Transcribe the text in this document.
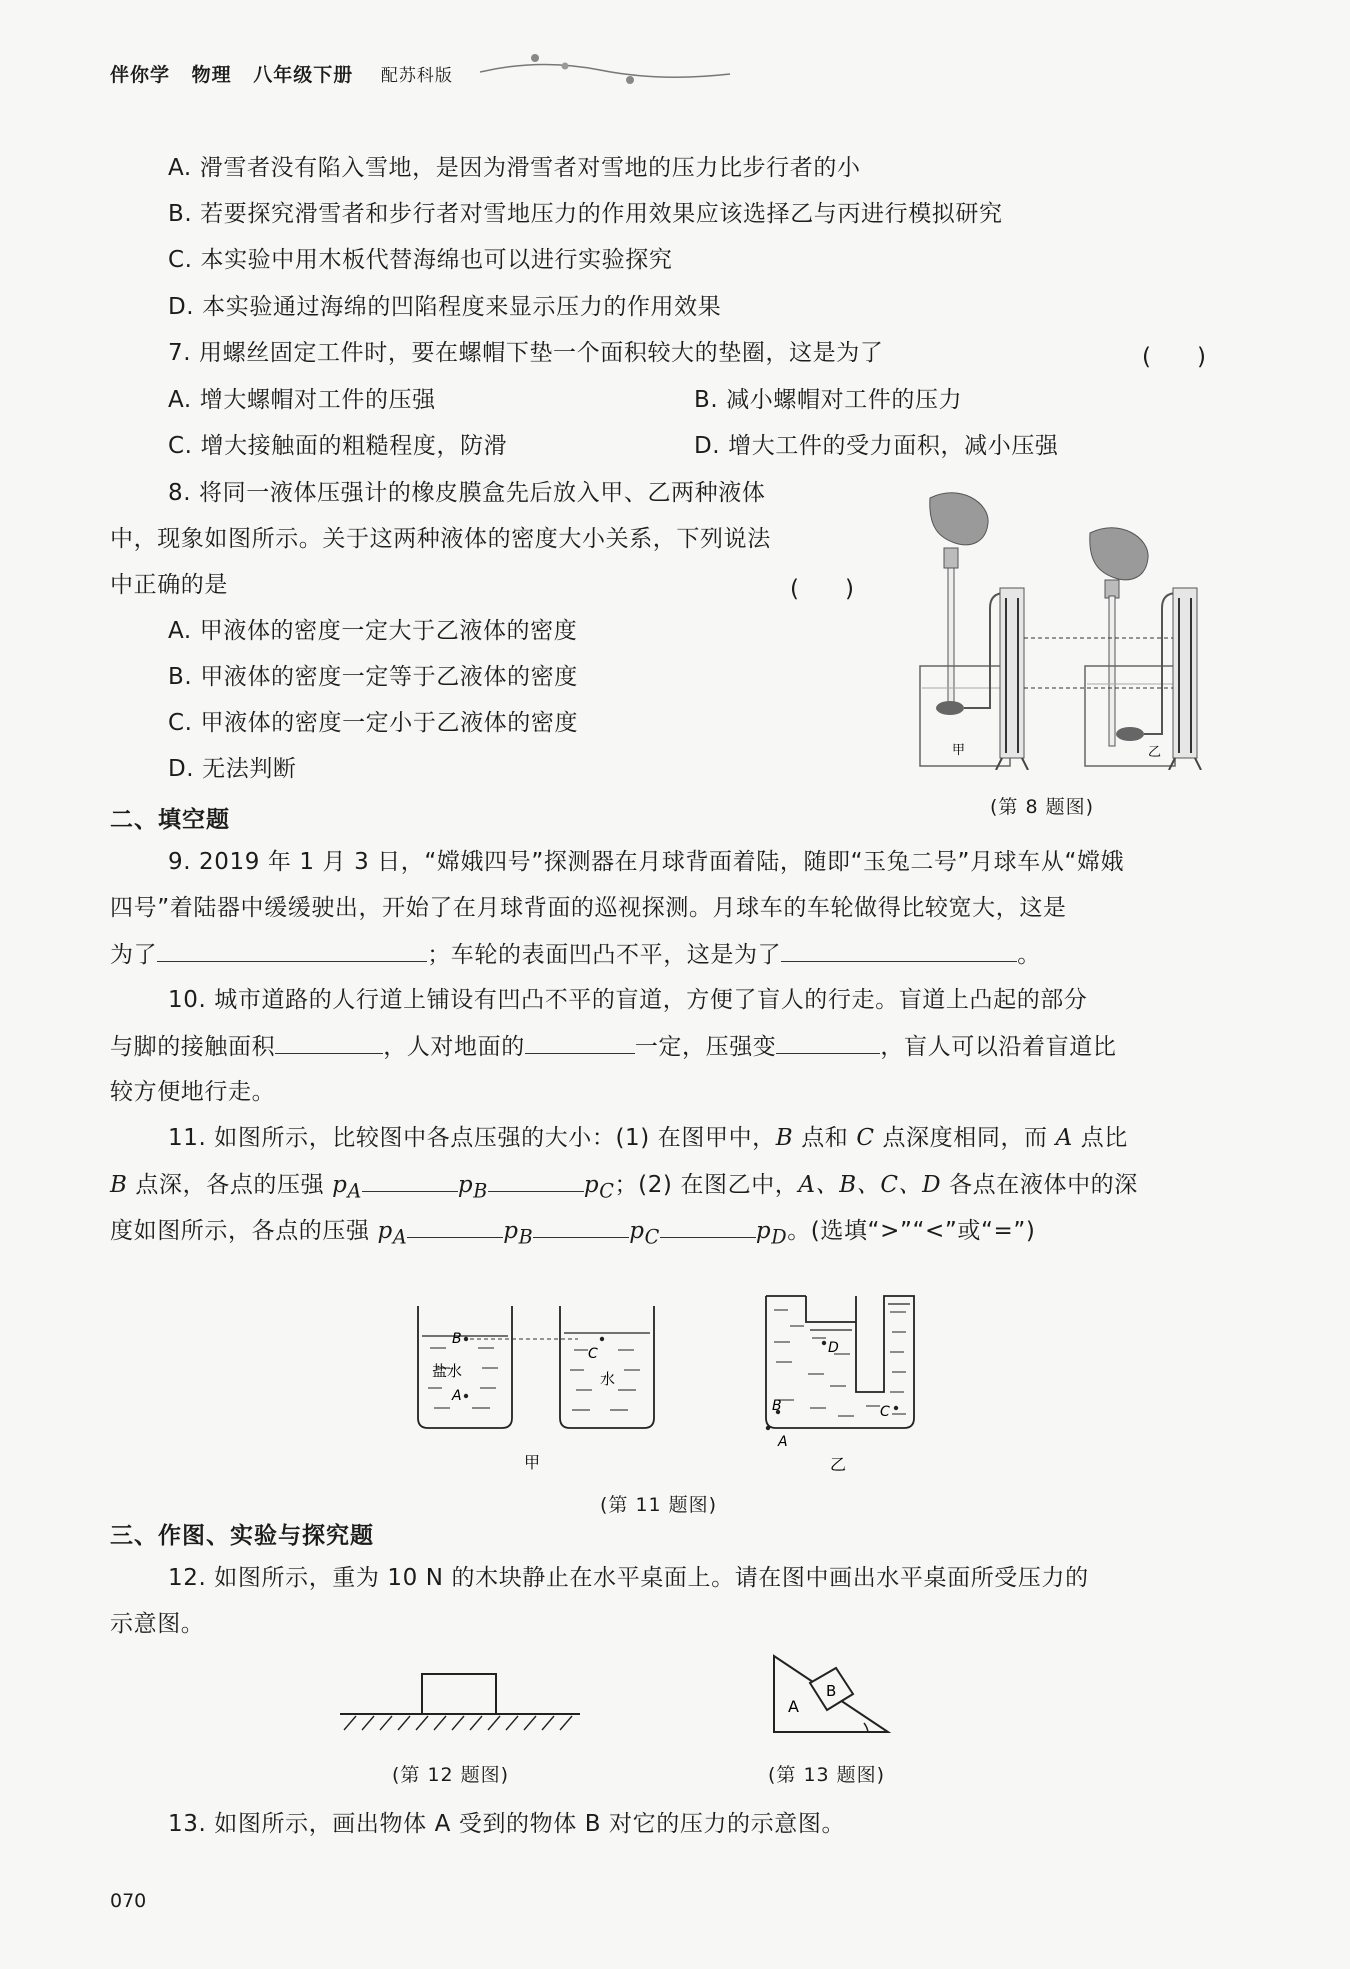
伴你学 物理 八年级下册 配苏科版
A. 滑雪者没有陷入雪地，是因为滑雪者对雪地的压力比步行者的小
B. 若要探究滑雪者和步行者对雪地压力的作用效果应该选择乙与丙进行模拟研究
C. 本实验中用木板代替海绵也可以进行实验探究
D. 本实验通过海绵的凹陷程度来显示压力的作用效果
7. 用螺丝固定工件时，要在螺帽下垫一个面积较大的垫圈，这是为了	(　　)
A. 增大螺帽对工件的压强	B. 减小螺帽对工件的压力
C. 增大接触面的粗糙程度，防滑	D. 增大工件的受力面积，减小压强
8. 将同一液体压强计的橡皮膜盒先后放入甲、乙两种液体
中，现象如图所示。关于这两种液体的密度大小关系，下列说法
中正确的是	(　　)
A. 甲液体的密度一定大于乙液体的密度
B. 甲液体的密度一定等于乙液体的密度
C. 甲液体的密度一定小于乙液体的密度
D. 无法判断
甲	乙
(第 8 题图)
二、填空题
9. 2019 年 1 月 3 日，“嫦娥四号”探测器在月球背面着陆，随即“玉兔二号”月球车从“嫦娥
四号”着陆器中缓缓驶出，开始了在月球背面的巡视探测。月球车的车轮做得比较宽大，这是
为了	；车轮的表面凹凸不平，这是为了	。
10. 城市道路的人行道上铺设有凹凸不平的盲道，方便了盲人的行走。盲道上凸起的部分
与脚的接触面积	，人对地面的	一定，压强变	，盲人可以沿着盲道比
较方便地行走。
11. 如图所示，比较图中各点压强的大小：(1) 在图甲中，B 点和 C 点深度相同，而 A 点比
B 点深，各点的压强 $p_A$	$p_B$	$p_C$；(2) 在图乙中，A、B、C、D 各点在液体中的深
度如图所示，各点的压强 $p_A$	$p_B$	$p_C$	$p_D$。(选填“>”“<”或“=”)
B
盐水
A
C
水
甲
D
B	C
A
乙
(第 11 题图)
三、作图、实验与探究题
12. 如图所示，重为 10 N 的木块静止在水平桌面上。请在图中画出水平桌面所受压力的
示意图。
(第 12 题图)
A
B
(第 13 题图)
13. 如图所示，画出物体 A 受到的物体 B 对它的压力的示意图。
070
